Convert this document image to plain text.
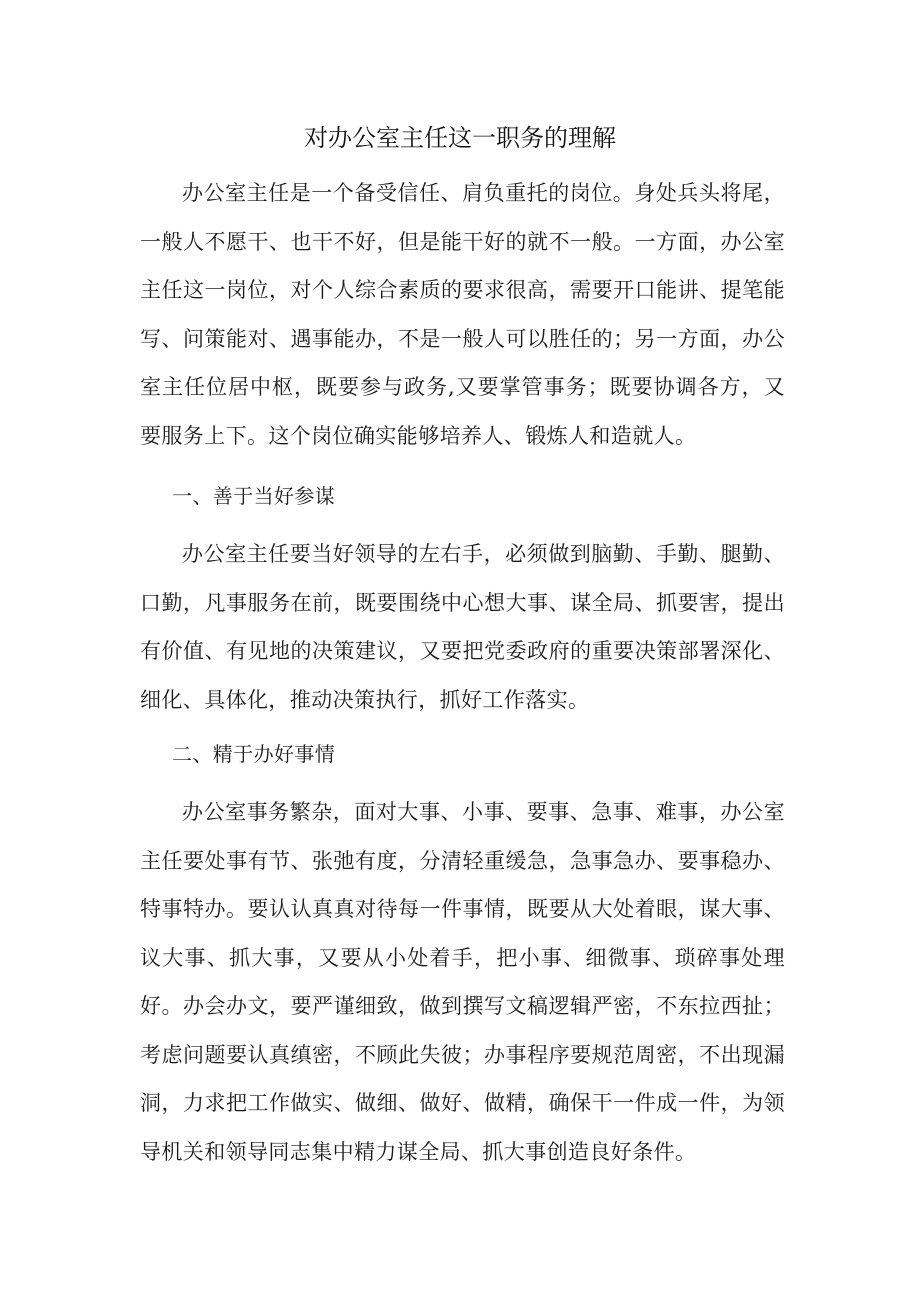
对办公室主任这一职务的理解

办公室主任是一个备受信任、肩负重托的岗位。身处兵头将尾，一般人不愿干、也干不好，但是能干好的就不一般。一方面，办公室主任这一岗位，对个人综合素质的要求很高，需要开口能讲、提笔能写、问策能对、遇事能办，不是一般人可以胜任的；另一方面，办公室主任位居中枢，既要参与政务,又要掌管事务；既要协调各方，又要服务上下。这个岗位确实能够培养人、锻炼人和造就人。

一、善于当好参谋

办公室主任要当好领导的左右手，必须做到脑勤、手勤、腿勤、口勤，凡事服务在前，既要围绕中心想大事、谋全局、抓要害，提出有价值、有见地的决策建议，又要把党委政府的重要决策部署深化、细化、具体化，推动决策执行，抓好工作落实。

二、精于办好事情

办公室事务繁杂，面对大事、小事、要事、急事、难事，办公室主任要处事有节、张弛有度，分清轻重缓急，急事急办、要事稳办、特事特办。要认认真真对待每一件事情，既要从大处着眼，谋大事、议大事、抓大事，又要从小处着手，把小事、细微事、琐碎事处理好。办会办文，要严谨细致，做到撰写文稿逻辑严密，不东拉西扯；考虑问题要认真缜密，不顾此失彼；办事程序要规范周密，不出现漏洞，力求把工作做实、做细、做好、做精，确保干一件成一件，为领导机关和领导同志集中精力谋全局、抓大事创造良好条件。
